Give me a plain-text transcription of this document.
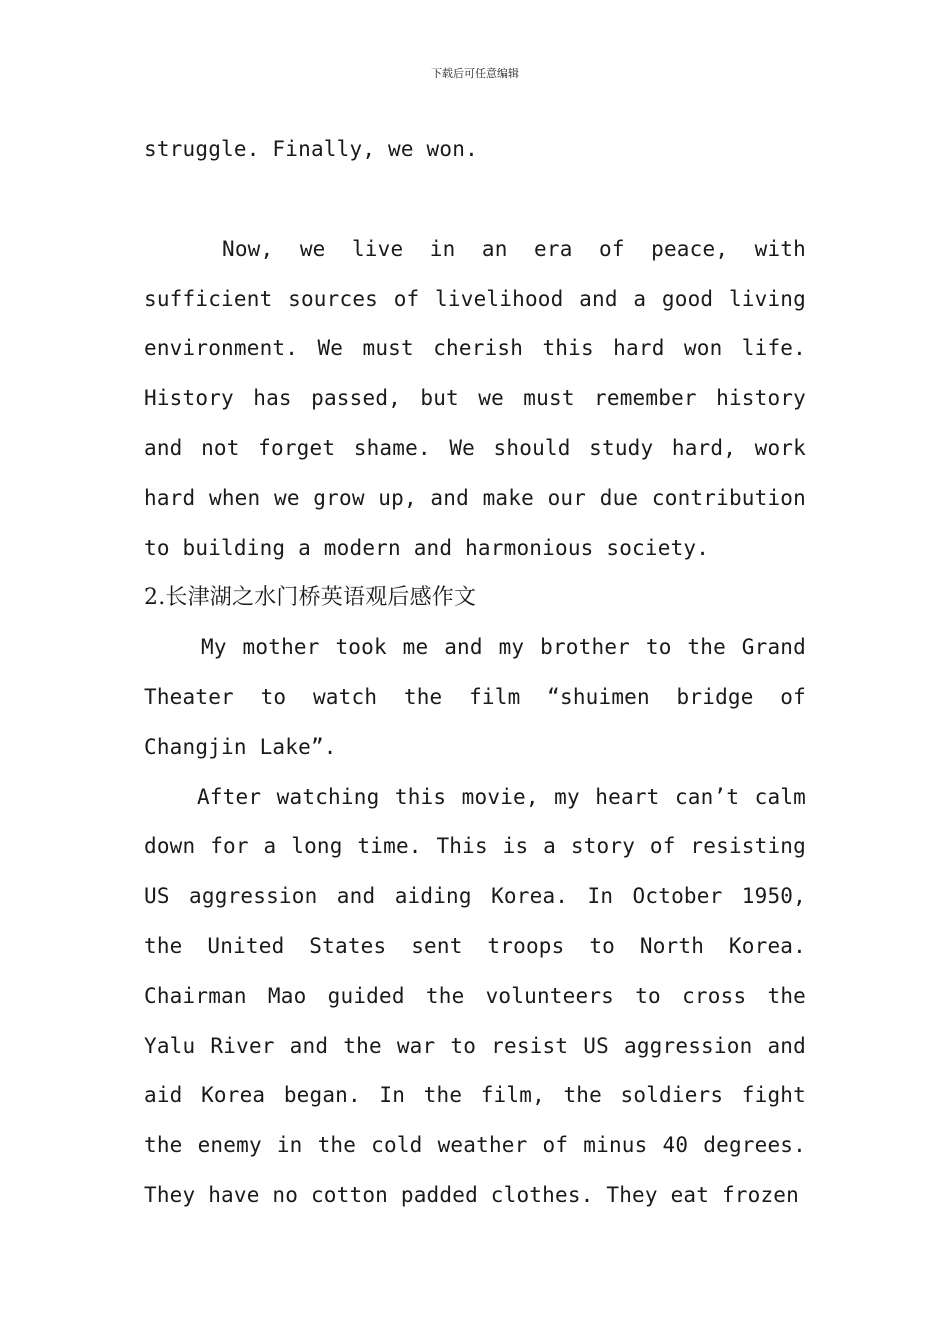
下载后可任意编辑

struggle. Finally, we won.

Now, we live in an era of peace, with sufficient sources of livelihood and a good living environment. We must cherish this hard won life. History has passed, but we must remember history and not forget shame. We should study hard, work hard when we grow up, and make our due contribution to building a modern and harmonious society.

2.长津湖之水门桥英语观后感作文

My mother took me and my brother to the Grand Theater to watch the film “shuimen bridge of Changjin Lake”.

After watching this movie, my heart can’t calm down for a long time. This is a story of resisting US aggression and aiding Korea. In October 1950, the United States sent troops to North Korea. Chairman Mao guided the volunteers to cross the Yalu River and the war to resist US aggression and aid Korea began. In the film, the soldiers fight the enemy in the cold weather of minus 40 degrees. They have no cotton padded clothes. They eat frozen
